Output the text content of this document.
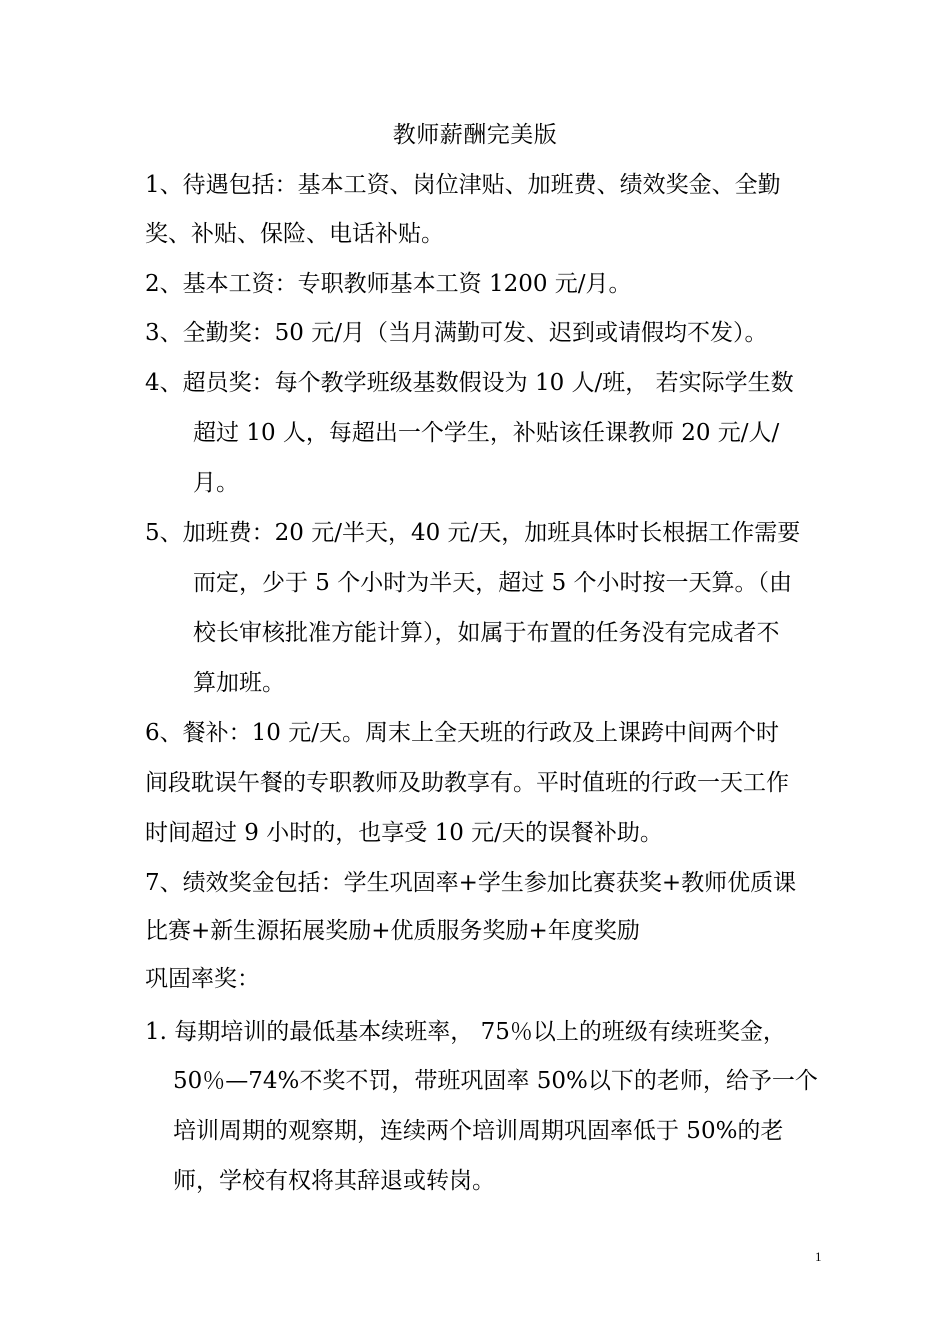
教师薪酬完美版
1、待遇包括：基本工资、岗位津贴、加班费、绩效奖金、全勤
奖、补贴、保险、电话补贴。
2、基本工资：专职教师基本工资 1200 元/月。
3、全勤奖：50 元/月（当月满勤可发、迟到或请假均不发）。
4、超员奖：每个教学班级基数假设为 10 人/班， 若实际学生数
超过 10 人，每超出一个学生，补贴该任课教师 20 元/人/
月。
5、加班费：20 元/半天，40 元/天，加班具体时长根据工作需要
而定，少于 5 个小时为半天，超过 5 个小时按一天算。（由
校长审核批准方能计算），如属于布置的任务没有完成者不
算加班。
6、餐补：10 元/天。周末上全天班的行政及上课跨中间两个时
间段耽误午餐的专职教师及助教享有。平时值班的行政一天工作
时间超过 9 小时的，也享受 10 元/天的误餐补助。
7、绩效奖金包括：学生巩固率+学生参加比赛获奖+教师优质课
比赛+新生源拓展奖励+优质服务奖励+年度奖励
巩固率奖：
1. 每期培训的最低基本续班率， 75％以上的班级有续班奖金，
50％—74%不奖不罚，带班巩固率 50%以下的老师，给予一个
培训周期的观察期，连续两个培训周期巩固率低于 50%的老
师，学校有权将其辞退或转岗。
1
